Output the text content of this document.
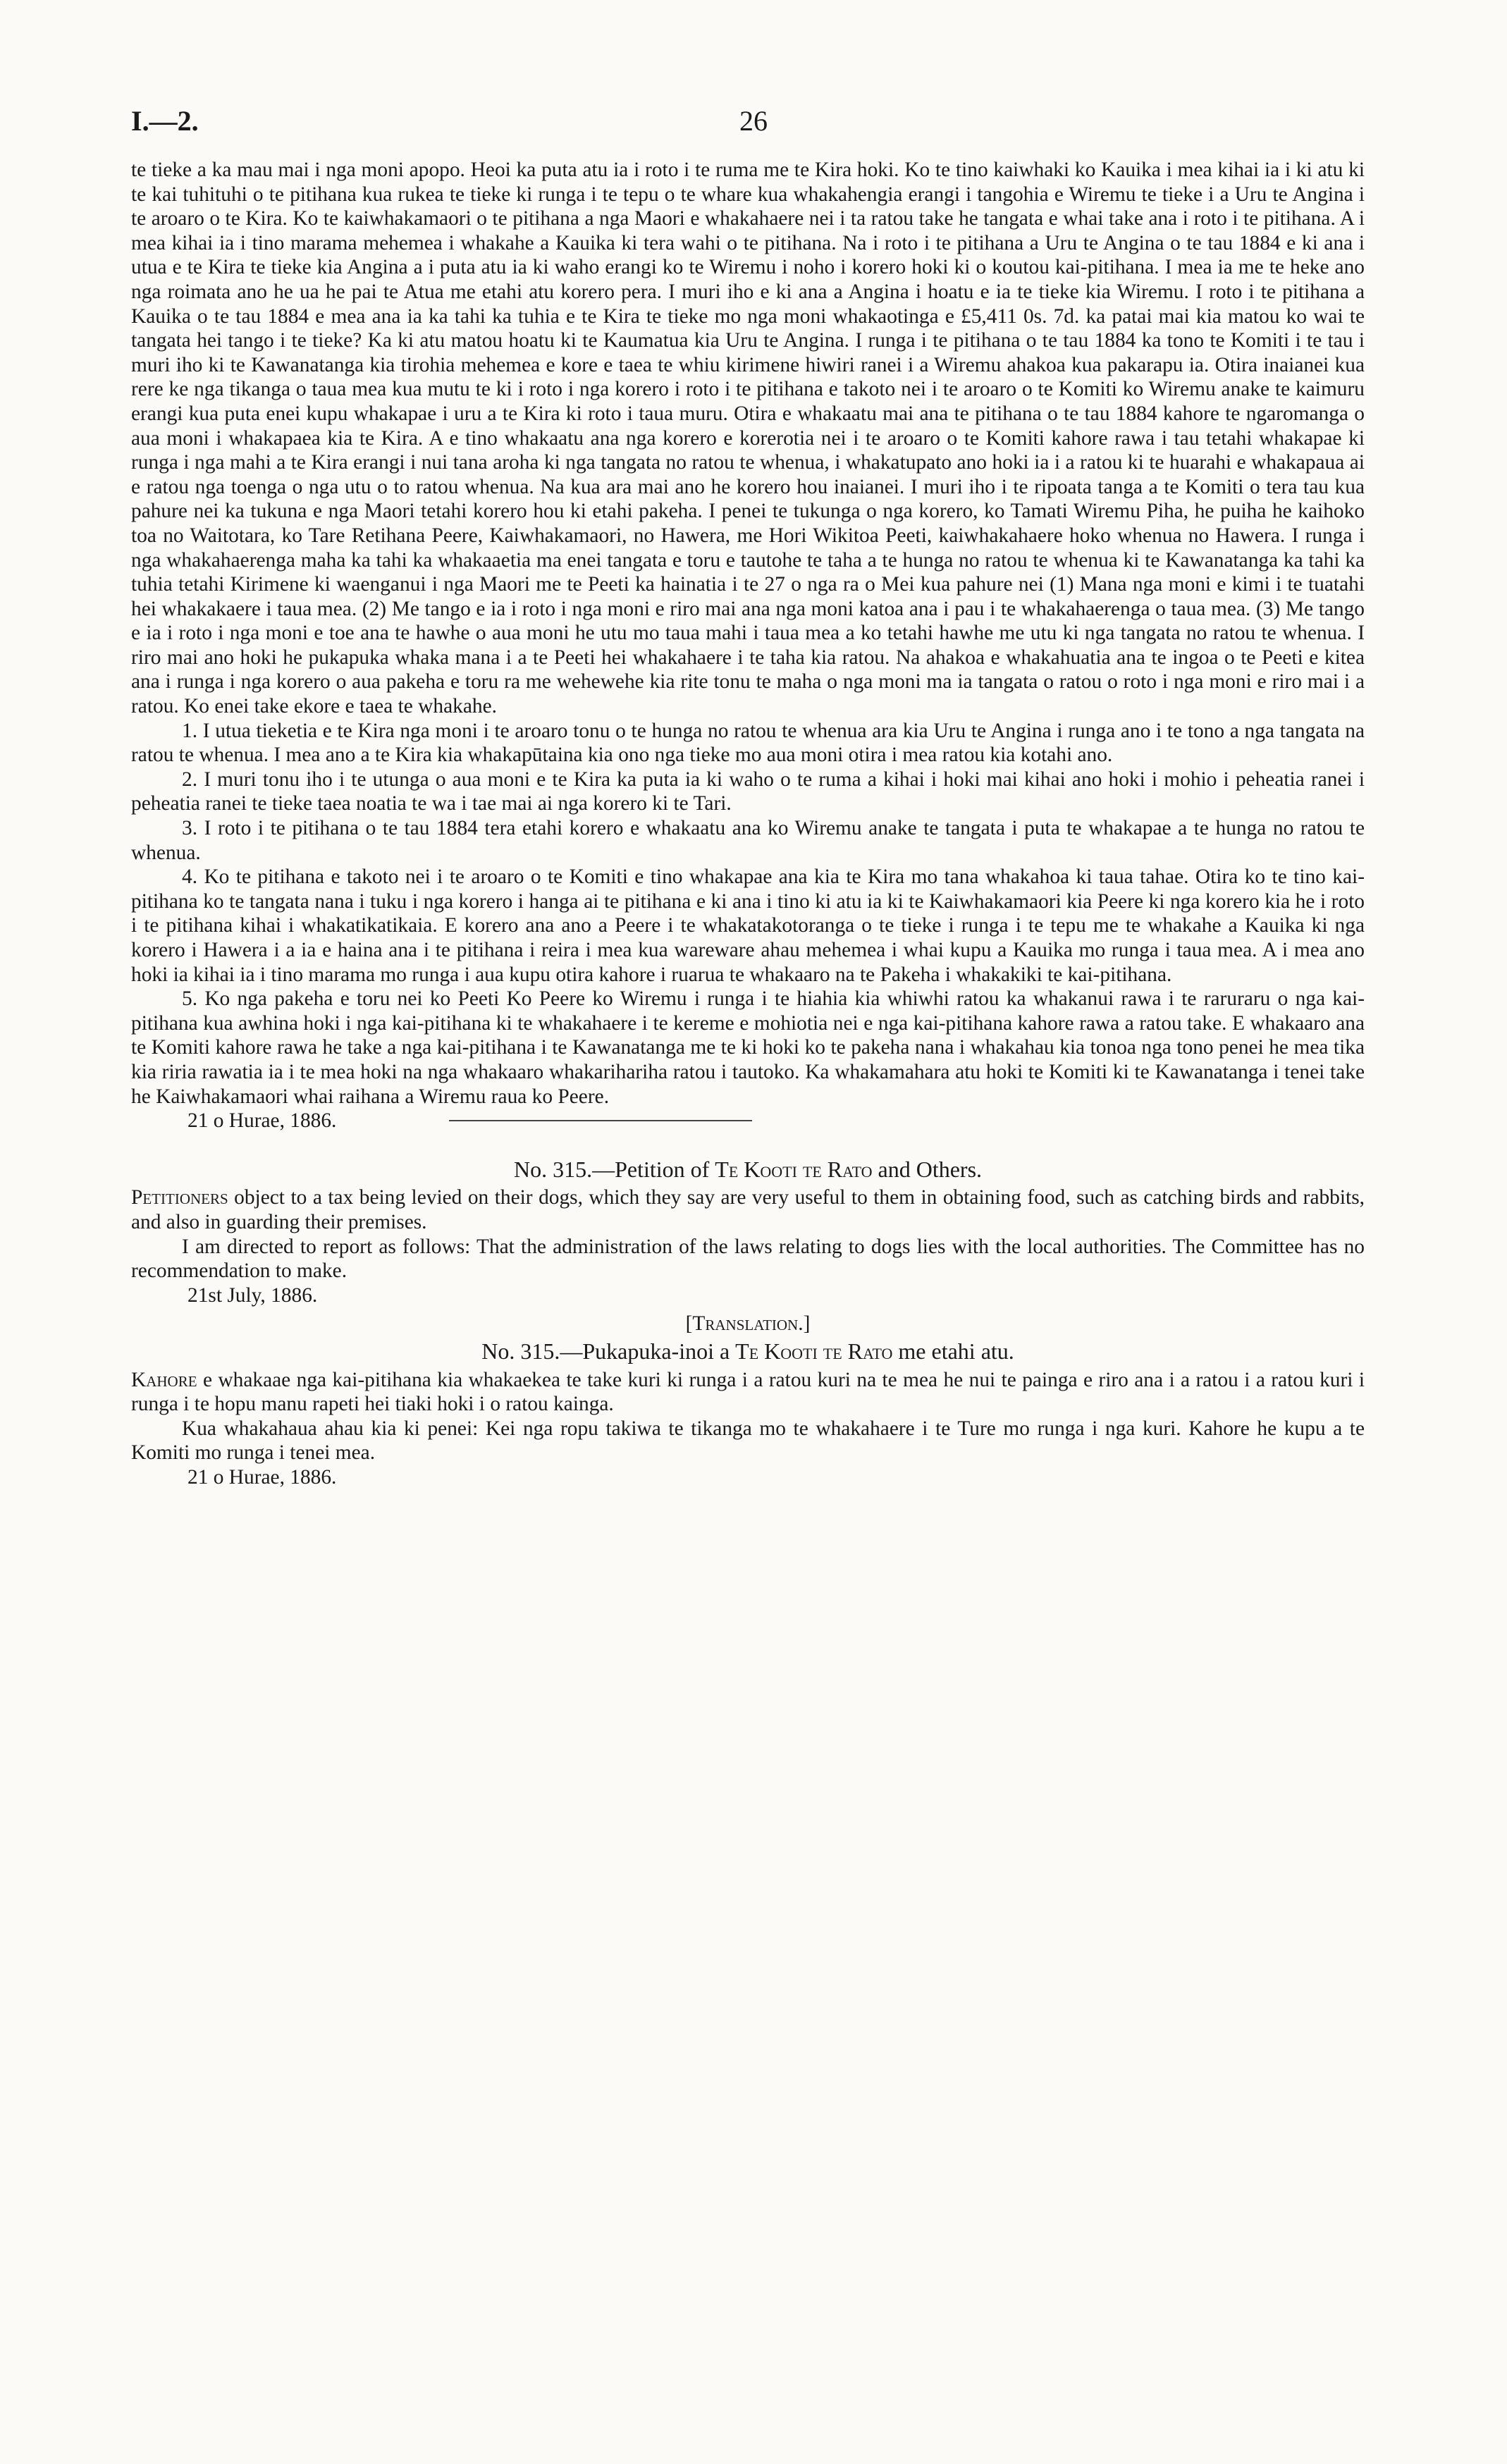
I.—2.	26

te tieke a ka mau mai i nga moni apopo. Heoi ka puta atu ia i roto i te ruma me te Kira hoki. Ko te tino kaiwhaki ko Kauika i mea kihai ia i ki atu ki te kai tuhituhi o te pitihana kua rukea te tieke ki runga i te tepu o te whare kua whakahengia erangi i tangohia e Wiremu te tieke i a Uru te Angina i te aroaro o te Kira. Ko te kaiwhakamaori o te pitihana a nga Maori e whakahaere nei i ta ratou take he tangata e whai take ana i roto i te pitihana. A i mea kihai ia i tino marama mehemea i whakahe a Kauika ki tera wahi o te pitihana. Na i roto i te pitihana a Uru te Angina o te tau 1884 e ki ana i utua e te Kira te tieke kia Angina a i puta atu ia ki waho erangi ko te Wiremu i noho i korero hoki ki o koutou kai-pitihana. I mea ia me te heke ano nga roimata ano he ua he pai te Atua me etahi atu korero pera. I muri iho e ki ana a Angina i hoatu e ia te tieke kia Wiremu. I roto i te pitihana a Kauika o te tau 1884 e mea ana ia ka tahi ka tuhia e te Kira te tieke mo nga moni whakaotinga e £5,411 0s. 7d. ka patai mai kia matou ko wai te tangata hei tango i te tieke? Ka ki atu matou hoatu ki te Kaumatua kia Uru te Angina. I runga i te pitihana o te tau 1884 ka tono te Komiti i te tau i muri iho ki te Kawanatanga kia tirohia mehemea e kore e taea te whiu kirimene hiwiri ranei i a Wiremu ahakoa kua pakarapu ia. Otira inaianei kua rere ke nga tikanga o taua mea kua mutu te ki i roto i nga korero i roto i te pitihana e takoto nei i te aroaro o te Komiti ko Wiremu anake te kaimuru erangi kua puta enei kupu whakapae i uru a te Kira ki roto i taua muru. Otira e whakaatu mai ana te pitihana o te tau 1884 kahore te ngaromanga o aua moni i whakapaea kia te Kira. A e tino whakaatu ana nga korero e korerotia nei i te aroaro o te Komiti kahore rawa i tau tetahi whakapae ki runga i nga mahi a te Kira erangi i nui tana aroha ki nga tangata no ratou te whenua, i whakatupato ano hoki ia i a ratou ki te huarahi e whakapaua ai e ratou nga toenga o nga utu o to ratou whenua. Na kua ara mai ano he korero hou inaianei. I muri iho i te ripoata tanga a te Komiti o tera tau kua pahure nei ka tukuna e nga Maori tetahi korero hou ki etahi pakeha. I penei te tukunga o nga korero, ko Tamati Wiremu Piha, he puiha he kaihoko toa no Waitotara, ko Tare Retihana Peere, Kaiwhakamaori, no Hawera, me Hori Wikitoa Peeti, kaiwhakahaere hoko whenua no Hawera. I runga i nga whakahaerenga maha ka tahi ka whakaaetia ma enei tangata e toru e tautohe te taha a te hunga no ratou te whenua ki te Kawanatanga ka tahi ka tuhia tetahi Kirimene ki waenganui i nga Maori me te Peeti ka hainatia i te 27 o nga ra o Mei kua pahure nei (1) Mana nga moni e kimi i te tuatahi hei whakakaere i taua mea. (2) Me tango e ia i roto i nga moni e riro mai ana nga moni katoa ana i pau i te whakahaerenga o taua mea. (3) Me tango e ia i roto i nga moni e toe ana te hawhe o aua moni he utu mo taua mahi i taua mea a ko tetahi hawhe me utu ki nga tangata no ratou te whenua. I riro mai ano hoki he pukapuka whaka mana i a te Peeti hei whakahaere i te taha kia ratou. Na ahakoa e whakahuatia ana te ingoa o te Peeti e kitea ana i runga i nga korero o aua pakeha e toru ra me wehewehe kia rite tonu te maha o nga moni ma ia tangata o ratou o roto i nga moni e riro mai i a ratou. Ko enei take ekore e taea te whakahe.

1. I utua tieketia e te Kira nga moni i te aroaro tonu o te hunga no ratou te whenua ara kia Uru te Angina i runga ano i te tono a nga tangata na ratou te whenua. I mea ano a te Kira kia whakapūtaina kia ono nga tieke mo aua moni otira i mea ratou kia kotahi ano.

2. I muri tonu iho i te utunga o aua moni e te Kira ka puta ia ki waho o te ruma a kihai i hoki mai kihai ano hoki i mohio i peheatia ranei i peheatia ranei te tieke taea noatia te wa i tae mai ai nga korero ki te Tari.

3. I roto i te pitihana o te tau 1884 tera etahi korero e whakaatu ana ko Wiremu anake te tangata i puta te whakapae a te hunga no ratou te whenua.

4. Ko te pitihana e takoto nei i te aroaro o te Komiti e tino whakapae ana kia te Kira mo tana whakahoa ki taua tahae. Otira ko te tino kai-pitihana ko te tangata nana i tuku i nga korero i hanga ai te pitihana e ki ana i tino ki atu ia ki te Kaiwhakamaori kia Peere ki nga korero kia he i roto i te pitihana kihai i whakatikatikaia. E korero ana ano a Peere i te whakatakotoranga o te tieke i runga i te tepu me te whakahe a Kauika ki nga korero i Hawera i a ia e haina ana i te pitihana i reira i mea kua wareware ahau mehemea i whai kupu a Kauika mo runga i taua mea. A i mea ano hoki ia kihai ia i tino marama mo runga i aua kupu otira kahore i ruarua te whakaaro na te Pakeha i whakakiki te kai-pitihana.

5. Ko nga pakeha e toru nei ko Peeti Ko Peere ko Wiremu i runga i te hiahia kia whiwhi ratou ka whakanui rawa i te raruraru o nga kai-pitihana kua awhina hoki i nga kai-pitihana ki te whakahaere i te kereme e mohiotia nei e nga kai-pitihana kahore rawa a ratou take. E whakaaro ana te Komiti kahore rawa he take a nga kai-pitihana i te Kawanatanga me te ki hoki ko te pakeha nana i whakahau kia tonoa nga tono penei he mea tika kia riria rawatia ia i te mea hoki na nga whakaaro whakarihariha ratou i tautoko. Ka whakamahara atu hoki te Komiti ki te Kawanatanga i tenei take he Kaiwhakamaori whai raihana a Wiremu raua ko Peere.

21 o Hurae, 1886.
No. 315.—Petition of Te Kooti te Rato and Others.

Petitioners object to a tax being levied on their dogs, which they say are very useful to them in obtaining food, such as catching birds and rabbits, and also in guarding their premises.

I am directed to report as follows: That the administration of the laws relating to dogs lies with the local authorities. The Committee has no recommendation to make.

21st July, 1886.

[Translation.]
No. 315.—Pukapuka-inoi a Te Kooti te Rato me etahi atu.

Kahore e whakaae nga kai-pitihana kia whakaekea te take kuri ki runga i a ratou kuri na te mea he nui te painga e riro ana i a ratou i a ratou kuri i runga i te hopu manu rapeti hei tiaki hoki i o ratou kainga.

Kua whakahaua ahau kia ki penei: Kei nga ropu takiwa te tikanga mo te whakahaere i te Ture mo runga i nga kuri. Kahore he kupu a te Komiti mo runga i tenei mea.

21 o Hurae, 1886.
